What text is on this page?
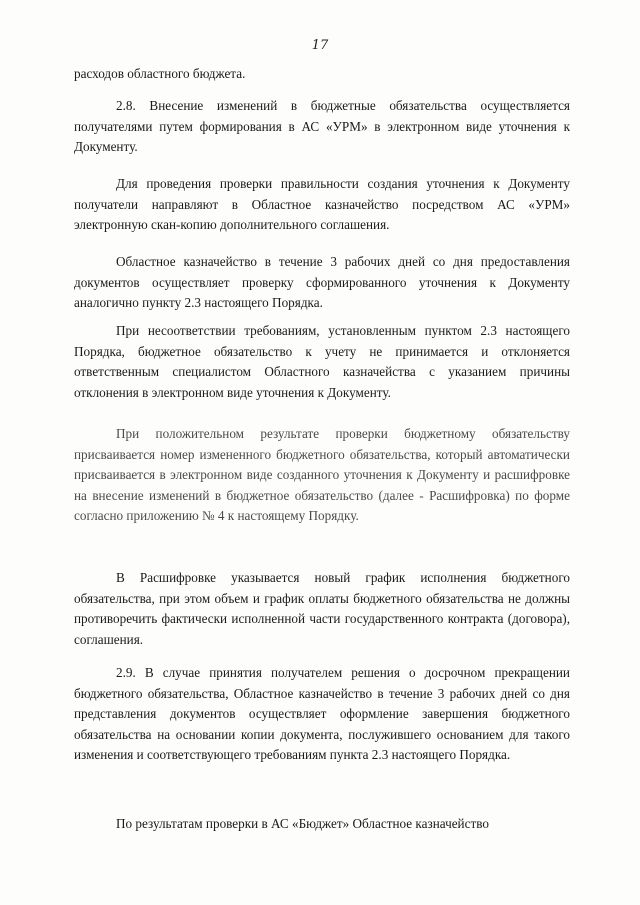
17

расходов областного бюджета.

2.8. Внесение изменений в бюджетные обязательства осуществляется получателями путем формирования в АС «УРМ» в электронном виде уточнения к Документу.

Для проведения проверки правильности создания уточнения к Документу получатели направляют в Областное казначейство посредством АС «УРМ» электронную скан-копию дополнительного соглашения.

Областное казначейство в течение 3 рабочих дней со дня предоставления документов осуществляет проверку сформированного уточнения к Документу аналогично пункту 2.3 настоящего Порядка.

При несоответствии требованиям, установленным пунктом 2.3 настоящего Порядка, бюджетное обязательство к учету не принимается и отклоняется ответственным специалистом Областного казначейства с указанием причины отклонения в электронном виде уточнения к Документу.

При положительном результате проверки бюджетному обязательству присваивается номер измененного бюджетного обязательства, который автоматически присваивается в электронном виде созданного уточнения к Документу и расшифровке на внесение изменений в бюджетное обязательство (далее - Расшифровка) по форме согласно приложению № 4 к настоящему Порядку.

В Расшифровке указывается новый график исполнения бюджетного обязательства, при этом объем и график оплаты бюджетного обязательства не должны противоречить фактически исполненной части государственного контракта (договора), соглашения.

2.9. В случае принятия получателем решения о досрочном прекращении бюджетного обязательства, Областное казначейство в течение 3 рабочих дней со дня представления документов осуществляет оформление завершения бюджетного обязательства на основании копии документа, послужившего основанием для такого изменения и соответствующего требованиям пункта 2.3 настоящего Порядка.

По результатам проверки в АС «Бюджет» Областное казначейство
